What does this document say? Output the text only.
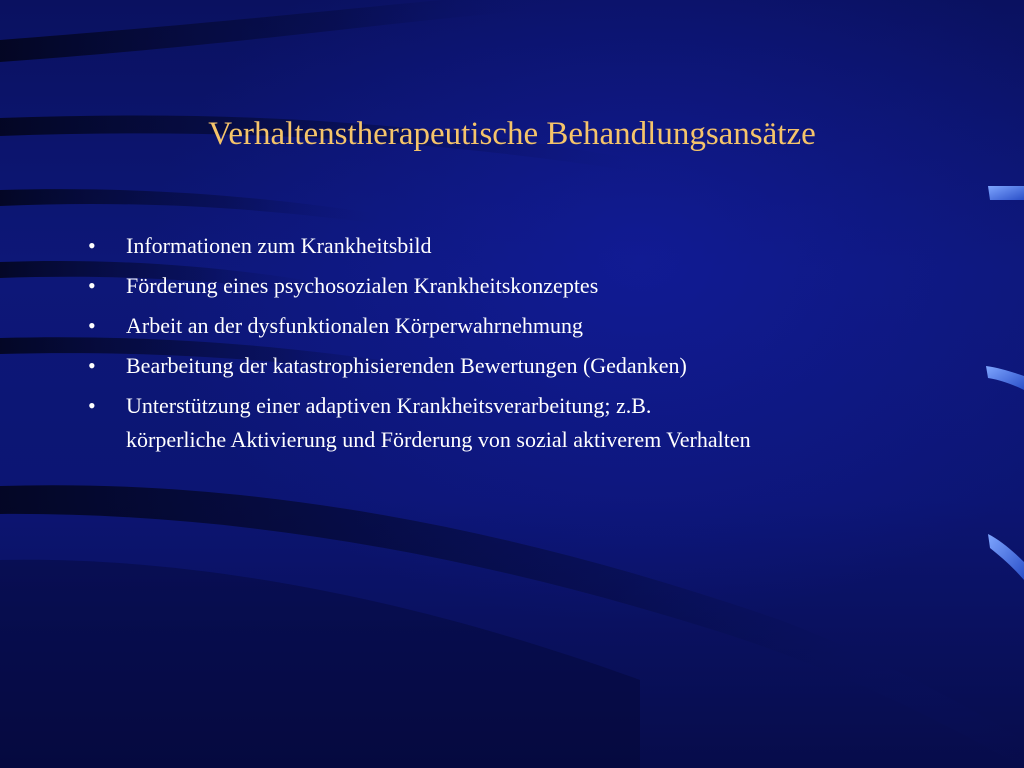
Verhaltenstherapeutische Behandlungsansätze
•	Informationen zum Krankheitsbild
•	Förderung eines psychosozialen Krankheitskonzeptes
•	Arbeit an der dysfunktionalen Körperwahrnehmung
•	Bearbeitung der katastrophisierenden Bewertungen (Gedanken)
•	Unterstützung einer adaptiven Krankheitsverarbeitung; z.B.
körperliche Aktivierung und Förderung von sozial aktiverem Verhalten
